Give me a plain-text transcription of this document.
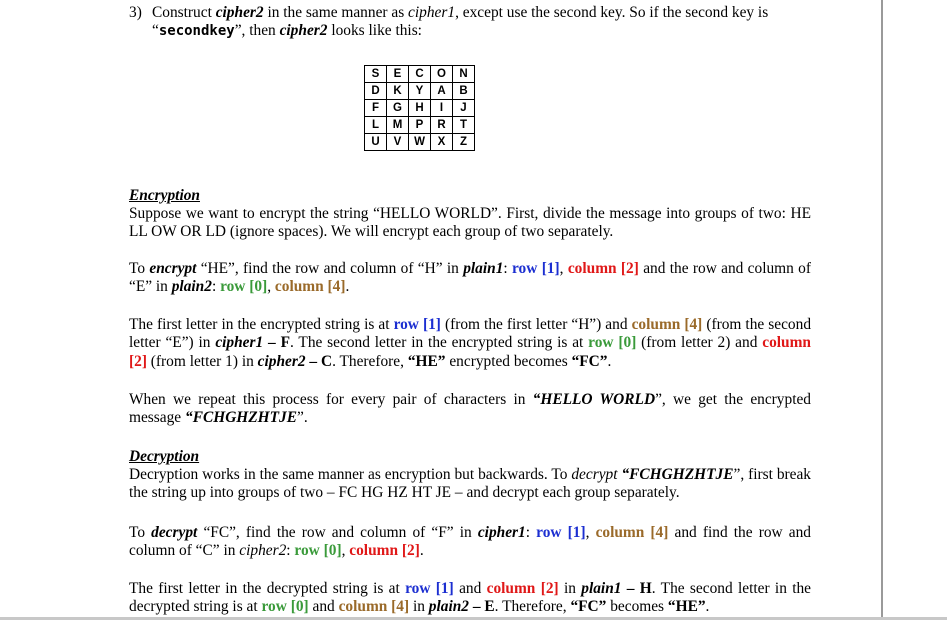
3) Construct cipher2 in the same manner as cipher1, except use the second key. So if the second key is
“secondkey”, then cipher2 looks like this:
S	E	C	O	N
D	K	Y	A	B
F	G	H	I	J
L	M	P	R	T
U	V	W	X	Z
Encryption
Suppose we want to encrypt the string “HELLO WORLD”. First, divide the message into groups of two: HE LL OW OR LD (ignore spaces). We will encrypt each group of two separately.
To encrypt “HE”, find the row and column of “H” in plain1: row [1], column [2] and the row and column of “E” in plain2: row [0], column [4].
The first letter in the encrypted string is at row [1] (from the first letter “H”) and column [4] (from the second letter “E”) in cipher1 – F. The second letter in the encrypted string is at row [0] (from letter 2) and column [2] (from letter 1) in cipher2 – C. Therefore, “HE” encrypted becomes “FC”.
When we repeat this process for every pair of characters in “HELLO WORLD”, we get the encrypted message “FCHGHZHTJE”.
Decryption
Decryption works in the same manner as encryption but backwards. To decrypt “FCHGHZHTJE”, first break the string up into groups of two – FC HG HZ HT JE – and decrypt each group separately.
To decrypt “FC”, find the row and column of “F” in cipher1: row [1], column [4] and find the row and column of “C” in cipher2: row [0], column [2].
The first letter in the decrypted string is at row [1] and column [2] in plain1 – H. The second letter in the decrypted string is at row [0] and column [4] in plain2 – E. Therefore, “FC” becomes “HE”.
